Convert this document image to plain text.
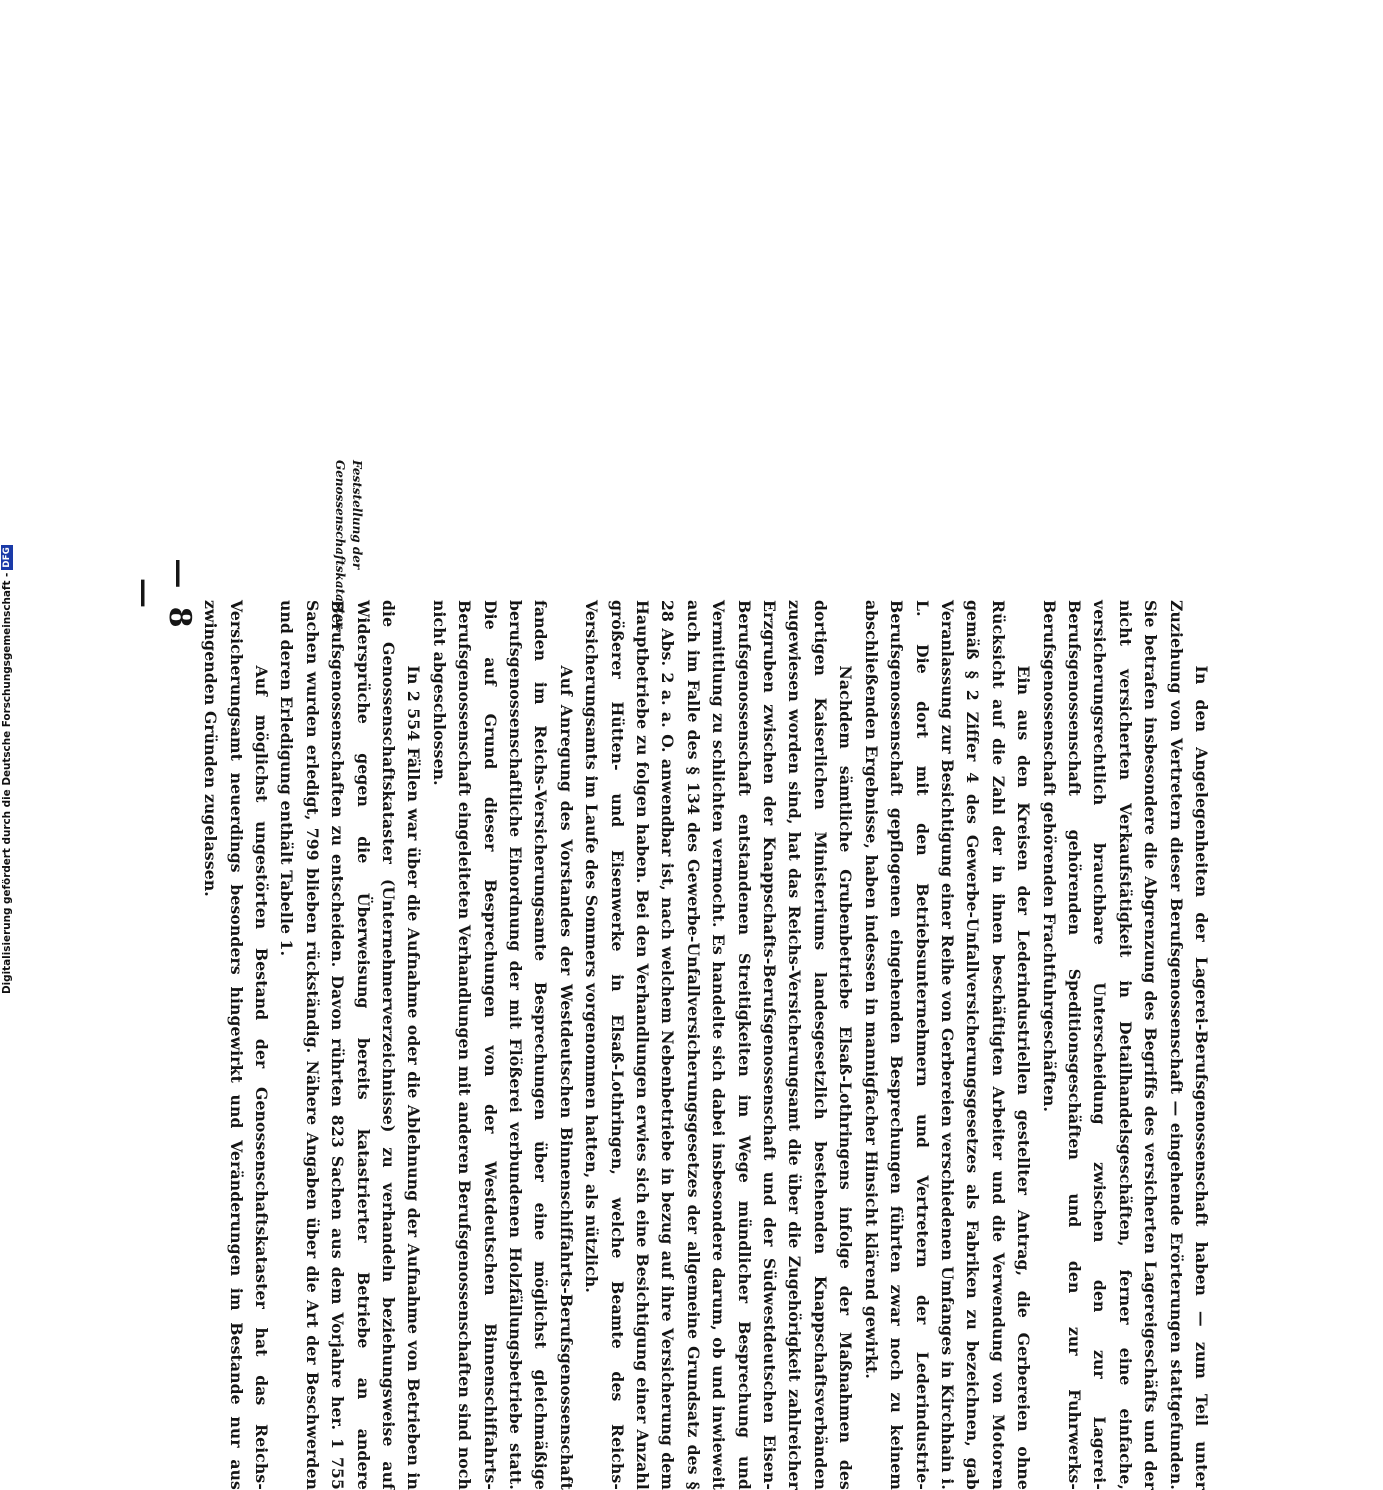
— 8 —
Feststellung der Genossenschaftskataster.

In den Angelegenheiten der Lagerei-Berufsgenossenschaft haben — zum Teil unter Zuziehung von Vertretern dieser Berufsgenossenschaft — eingehende Erörterungen stattgefunden. Sie betrafen insbesondere die Abgrenzung des Begriffs des versicherten Lagereigeschäfts und der nicht versicherten Verkaufstätigkeit in Detailhandelsgeschäften, ferner eine einfache, versicherungsrechtlich brauchbare Unterscheidung zwischen den zur Lagerei-Berufsgenossenschaft gehörenden Speditionsgeschäften und den zur Fuhrwerks-Berufsgenossenschaft gehörenden Frachtfuhrgeschäften.

Ein aus den Kreisen der Lederindustriellen gestellter Antrag, die Gerbereien ohne Rücksicht auf die Zahl der in ihnen beschäftigten Arbeiter und die Verwendung von Motoren gemäß § 2 Ziffer 4 des Gewerbe-Unfallversicherungsgesetzes als Fabriken zu bezeichnen, gab Veranlassung zur Besichtigung einer Reihe von Gerbereien verschiedenen Umfanges in Kirchhain i. L. Die dort mit den Betriebsunternehmern und Vertretern der Lederindustrie-Berufsgenossenschaft gepflogenen eingehenden Besprechungen führten zwar noch zu keinem abschließenden Ergebnisse, haben indessen in mannigfacher Hinsicht klärend gewirkt.

Nachdem sämtliche Grubenbetriebe Elsaß-Lothringens infolge der Maßnahmen des dortigen Kaiserlichen Ministeriums landesgesetzlich bestehenden Knappschaftsverbänden zugewiesen worden sind, hat das Reichs-Versicherungsamt die über die Zugehörigkeit zahlreicher Erzgruben zwischen der Knappschafts-Berufsgenossenschaft und der Südwestdeutschen Eisen-Berufsgenossenschaft entstandenen Streitigkeiten im Wege mündlicher Besprechung und Vermittlung zu schlichten vermocht. Es handelte sich dabei insbesondere darum, ob und inwieweit auch im Falle des § 134 des Gewerbe-Unfallversicherungsgesetzes der allgemeine Grundsatz des § 28 Abs. 2 a. a. O. anwendbar ist, nach welchem Nebenbetriebe in bezug auf ihre Versicherung dem Hauptbetriebe zu folgen haben. Bei den Verhandlungen erwies sich eine Besichtigung einer Anzahl größerer Hütten- und Eisenwerke in Elsaß-Lothringen, welche Beamte des Reichs-Versicherungsamts im Laufe des Sommers vorgenommen hatten, als nützlich.

Auf Anregung des Vorstandes der Westdeutschen Binnenschiffahrts-Berufsgenossenschaft fanden im Reichs-Versicherungsamte Besprechungen über eine möglichst gleichmäßige berufsgenossenschaftliche Einordnung der mit Flößerei verbundenen Holzfällungsbetriebe statt. Die auf Grund dieser Besprechungen von der Westdeutschen Binnenschiffahrts-Berufsgenossenschaft eingeleiteten Verhandlungen mit anderen Berufsgenossenschaften sind noch nicht abgeschlossen.

In 2 554 Fällen war über die Aufnahme oder die Ablehnung der Aufnahme von Betrieben in die Genossenschaftskataster (Unternehmerverzeichnisse) zu verhandeln beziehungsweise auf Widersprüche gegen die Überweisung bereits katastrierter Betriebe an andere Berufsgenossenschaften zu entscheiden. Davon rührten 823 Sachen aus dem Vorjahre her. 1 755 Sachen wurden erledigt, 799 blieben rückständig. Nähere Angaben über die Art der Beschwerden und deren Erledigung enthält Tabelle 1.

Auf möglichst ungestörten Bestand der Genossenschaftskataster hat das Reichs-Versicherungsamt neuerdings besonders hingewirkt und Veränderungen im Bestande nur aus zwingenden Gründen zugelassen.

Digitalisierung gefördert durch die Deutsche Forschungsgemeinschaft -
DFG
